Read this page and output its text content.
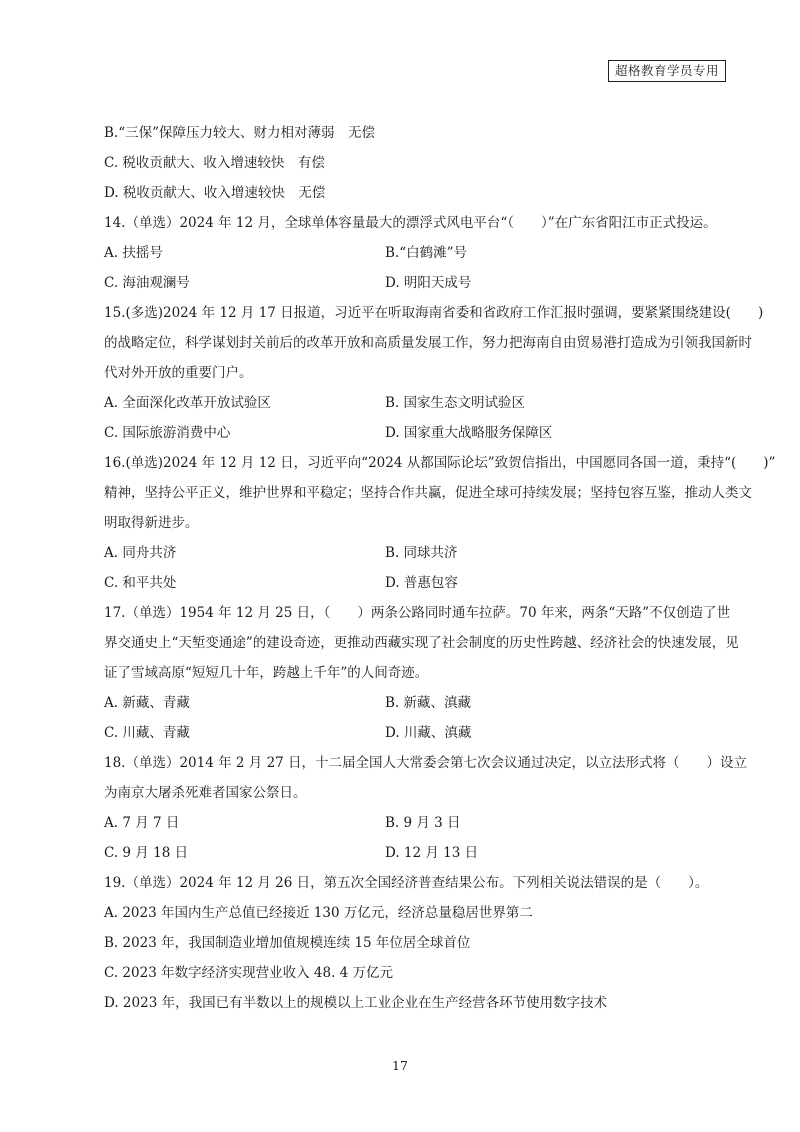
超格教育学员专用
B.“三保”保障压力较大、财力相对薄弱　无偿
C. 税收贡献大、收入增速较快　有偿
D. 税收贡献大、收入增速较快　无偿
14.（单选）2024 年 12 月，全球单体容量最大的漂浮式风电平台“（　　）”在广东省阳江市正式投运。
A. 扶摇号	B.“白鹤滩”号
C. 海油观澜号	D. 明阳天成号
15.(多选)2024 年 12 月 17 日报道，习近平在听取海南省委和省政府工作汇报时强调，要紧紧围绕建设(　　)
的战略定位，科学谋划封关前后的改革开放和高质量发展工作，努力把海南自由贸易港打造成为引领我国新时
代对外开放的重要门户。
A. 全面深化改革开放试验区	B. 国家生态文明试验区
C. 国际旅游消费中心	D. 国家重大战略服务保障区
16.(单选)2024 年 12 月 12 日，习近平向“2024 从都国际论坛”致贺信指出，中国愿同各国一道，秉持“(　　)”
精神，坚持公平正义，维护世界和平稳定；坚持合作共赢，促进全球可持续发展；坚持包容互鉴，推动人类文
明取得新进步。
A. 同舟共济	B. 同球共济
C. 和平共处	D. 普惠包容
17.（单选）1954 年 12 月 25 日，（　　）两条公路同时通车拉萨。70 年来，两条“天路”不仅创造了世
界交通史上“天堑变通途”的建设奇迹，更推动西藏实现了社会制度的历史性跨越、经济社会的快速发展，见
证了雪域高原“短短几十年，跨越上千年”的人间奇迹。
A. 新藏、青藏	B. 新藏、滇藏
C. 川藏、青藏	D. 川藏、滇藏
18.（单选）2014 年 2 月 27 日，十二届全国人大常委会第七次会议通过决定，以立法形式将（　　）设立
为南京大屠杀死难者国家公祭日。
A. 7 月 7 日	B. 9 月 3 日
C. 9 月 18 日	D. 12 月 13 日
19.（单选）2024 年 12 月 26 日，第五次全国经济普查结果公布。下列相关说法错误的是（　　）。
A. 2023 年国内生产总值已经接近 130 万亿元，经济总量稳居世界第二
B. 2023 年，我国制造业增加值规模连续 15 年位居全球首位
C. 2023 年数字经济实现营业收入 48. 4 万亿元
D. 2023 年，我国已有半数以上的规模以上工业企业在生产经营各环节使用数字技术
17
